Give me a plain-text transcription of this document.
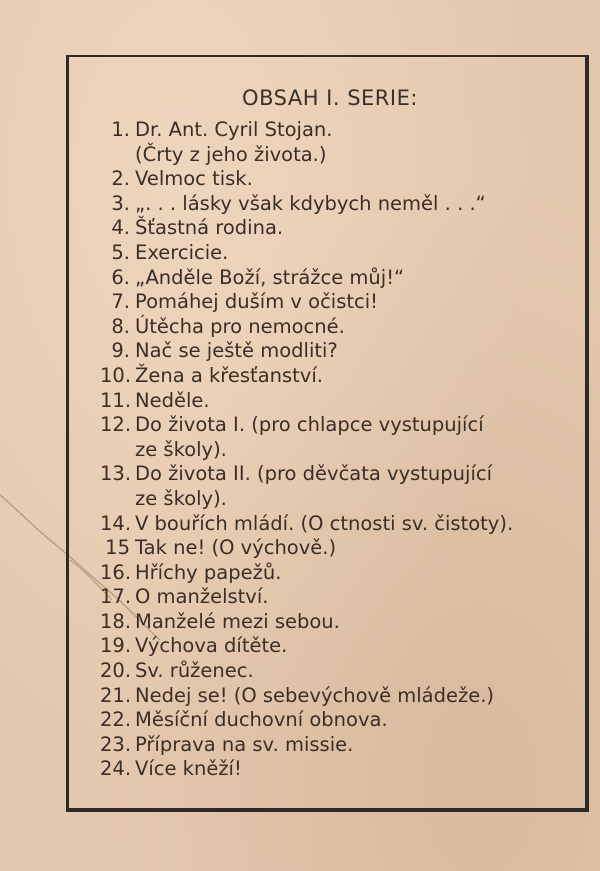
OBSAH I. SERIE:
1. Dr. Ant. Cyril Stojan.
(Črty z jeho života.)
2. Velmoc tisk.
3. „. . . lásky však kdybych neměl . . .“
4. Šťastná rodina.
5. Exercicie.
6. „Anděle Boží, strážce můj!“
7. Pomáhej duším v očistci!
8. Útěcha pro nemocné.
9. Nač se ještě modliti?
10. Žena a křesťanství.
11. Neděle.
12. Do života I. (pro chlapce vystupující
ze školy).
13. Do života II. (pro děvčata vystupující
ze školy).
14. V bouřích mládí. (O ctnosti sv. čistoty).
15 Tak ne! (O výchově.)
16. Hříchy papežů.
17. O manželství.
18. Manželé mezi sebou.
19. Výchova dítěte.
20. Sv. růženec.
21. Nedej se! (O sebevýchově mládeže.)
22. Měsíční duchovní obnova.
23. Příprava na sv. missie.
24. Více kněží!
